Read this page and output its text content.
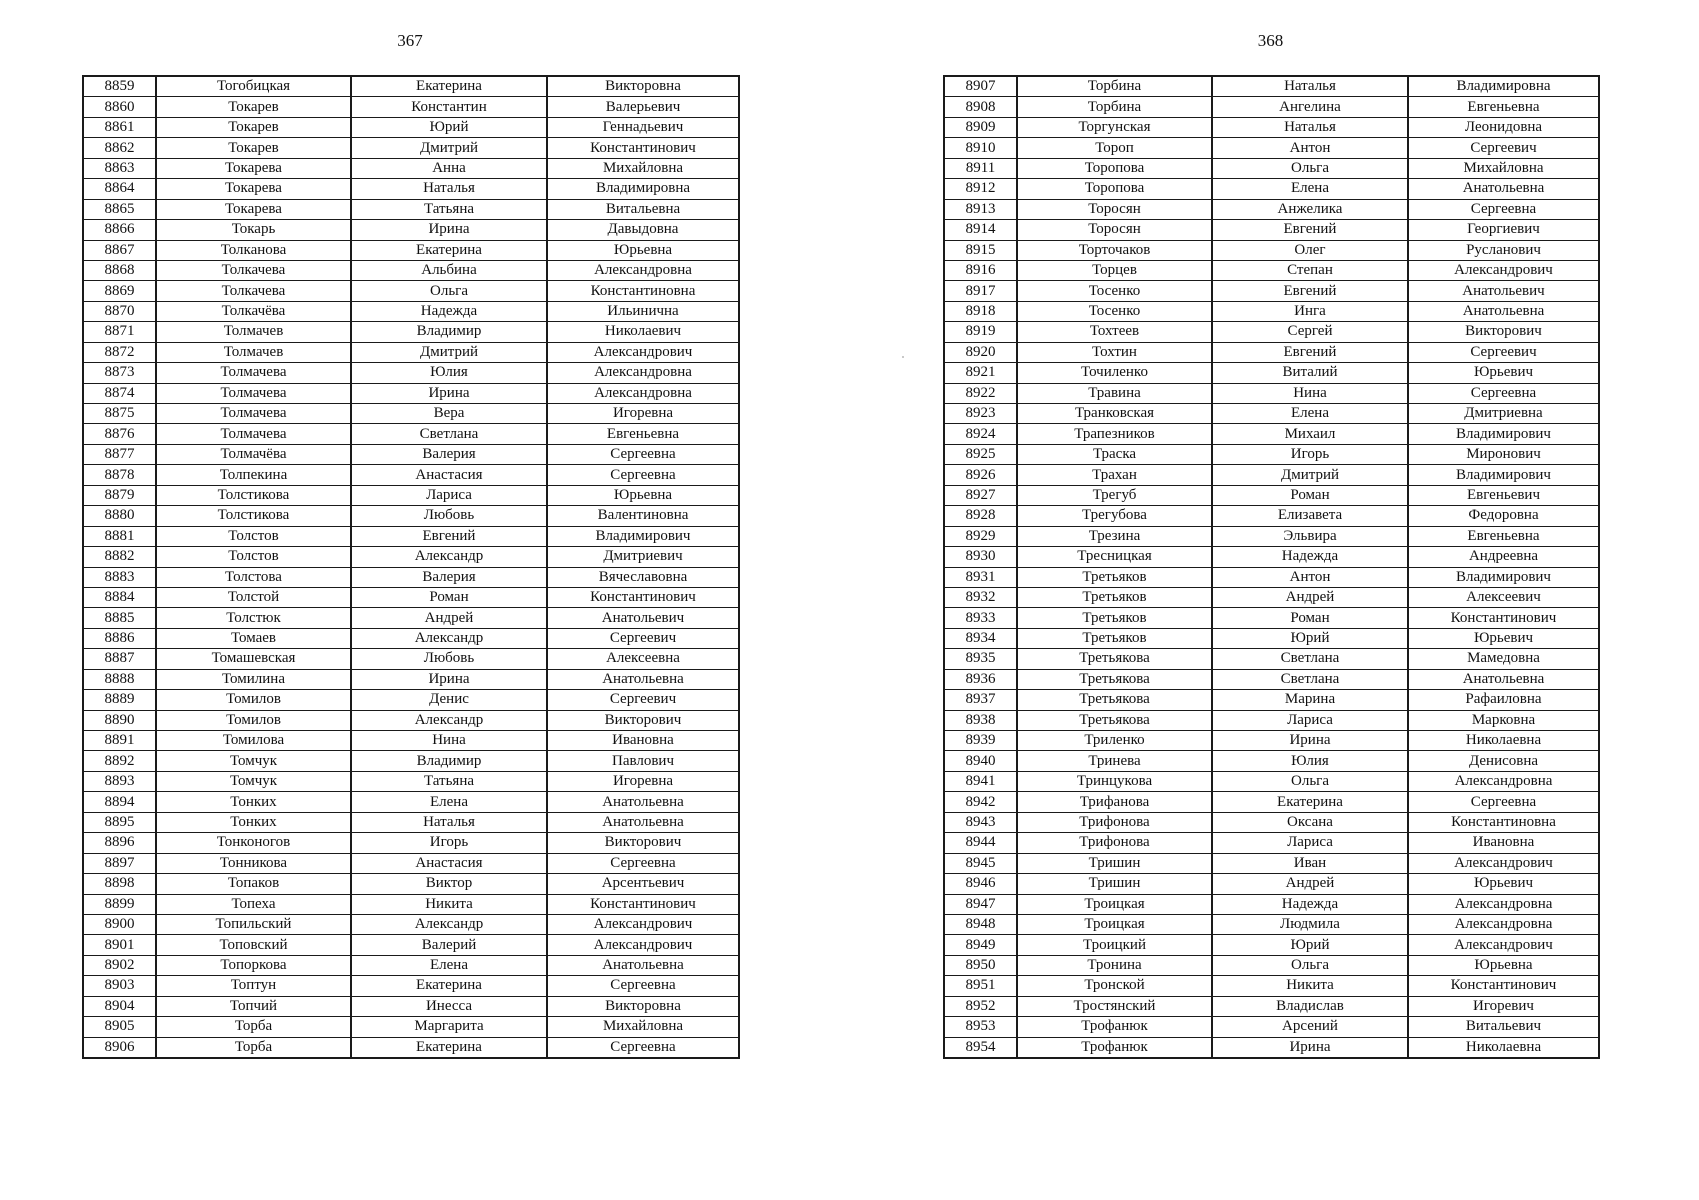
367
8859	Тогобицкая	Екатерина	Викторовна
8860	Токарев	Константин	Валерьевич
8861	Токарев	Юрий	Геннадьевич
8862	Токарев	Дмитрий	Константинович
8863	Токарева	Анна	Михайловна
8864	Токарева	Наталья	Владимировна
8865	Токарева	Татьяна	Витальевна
8866	Токарь	Ирина	Давыдовна
8867	Толканова	Екатерина	Юрьевна
8868	Толкачева	Альбина	Александровна
8869	Толкачева	Ольга	Константиновна
8870	Толкачёва	Надежда	Ильинична
8871	Толмачев	Владимир	Николаевич
8872	Толмачев	Дмитрий	Александрович
8873	Толмачева	Юлия	Александровна
8874	Толмачева	Ирина	Александровна
8875	Толмачева	Вера	Игоревна
8876	Толмачева	Светлана	Евгеньевна
8877	Толмачёва	Валерия	Сергеевна
8878	Толпекина	Анастасия	Сергеевна
8879	Толстикова	Лариса	Юрьевна
8880	Толстикова	Любовь	Валентиновна
8881	Толстов	Евгений	Владимирович
8882	Толстов	Александр	Дмитриевич
8883	Толстова	Валерия	Вячеславовна
8884	Толстой	Роман	Константинович
8885	Толстюк	Андрей	Анатольевич
8886	Томаев	Александр	Сергеевич
8887	Томашевская	Любовь	Алексеевна
8888	Томилина	Ирина	Анатольевна
8889	Томилов	Денис	Сергеевич
8890	Томилов	Александр	Викторович
8891	Томилова	Нина	Ивановна
8892	Томчук	Владимир	Павлович
8893	Томчук	Татьяна	Игоревна
8894	Тонких	Елена	Анатольевна
8895	Тонких	Наталья	Анатольевна
8896	Тонконогов	Игорь	Викторович
8897	Тонникова	Анастасия	Сергеевна
8898	Топаков	Виктор	Арсентьевич
8899	Топеха	Никита	Константинович
8900	Топильский	Александр	Александрович
8901	Топовский	Валерий	Александрович
8902	Топоркова	Елена	Анатольевна
8903	Топтун	Екатерина	Сергеевна
8904	Топчий	Инесса	Викторовна
8905	Торба	Маргарита	Михайловна
8906	Торба	Екатерина	Сергеевна
368
8907	Торбина	Наталья	Владимировна
8908	Торбина	Ангелина	Евгеньевна
8909	Торгунская	Наталья	Леонидовна
8910	Тороп	Антон	Сергеевич
8911	Торопова	Ольга	Михайловна
8912	Торопова	Елена	Анатольевна
8913	Торосян	Анжелика	Сергеевна
8914	Торосян	Евгений	Георгиевич
8915	Торточаков	Олег	Русланович
8916	Торцев	Степан	Александрович
8917	Тосенко	Евгений	Анатольевич
8918	Тосенко	Инга	Анатольевна
8919	Тохтеев	Сергей	Викторович
8920	Тохтин	Евгений	Сергеевич
8921	Точиленко	Виталий	Юрьевич
8922	Травина	Нина	Сергеевна
8923	Транковская	Елена	Дмитриевна
8924	Трапезников	Михаил	Владимирович
8925	Траска	Игорь	Миронович
8926	Трахан	Дмитрий	Владимирович
8927	Трегуб	Роман	Евгеньевич
8928	Трегубова	Елизавета	Федоровна
8929	Трезина	Эльвира	Евгеньевна
8930	Тресницкая	Надежда	Андреевна
8931	Третьяков	Антон	Владимирович
8932	Третьяков	Андрей	Алексеевич
8933	Третьяков	Роман	Константинович
8934	Третьяков	Юрий	Юрьевич
8935	Третьякова	Светлана	Мамедовна
8936	Третьякова	Светлана	Анатольевна
8937	Третьякова	Марина	Рафаиловна
8938	Третьякова	Лариса	Марковна
8939	Триленко	Ирина	Николаевна
8940	Тринева	Юлия	Денисовна
8941	Тринцукова	Ольга	Александровна
8942	Трифанова	Екатерина	Сергеевна
8943	Трифонова	Оксана	Константиновна
8944	Трифонова	Лариса	Ивановна
8945	Тришин	Иван	Александрович
8946	Тришин	Андрей	Юрьевич
8947	Троицкая	Надежда	Александровна
8948	Троицкая	Людмила	Александровна
8949	Троицкий	Юрий	Александрович
8950	Тронина	Ольга	Юрьевна
8951	Тронской	Никита	Константинович
8952	Тростянский	Владислав	Игоревич
8953	Трофанюк	Арсений	Витальевич
8954	Трофанюк	Ирина	Николаевна
